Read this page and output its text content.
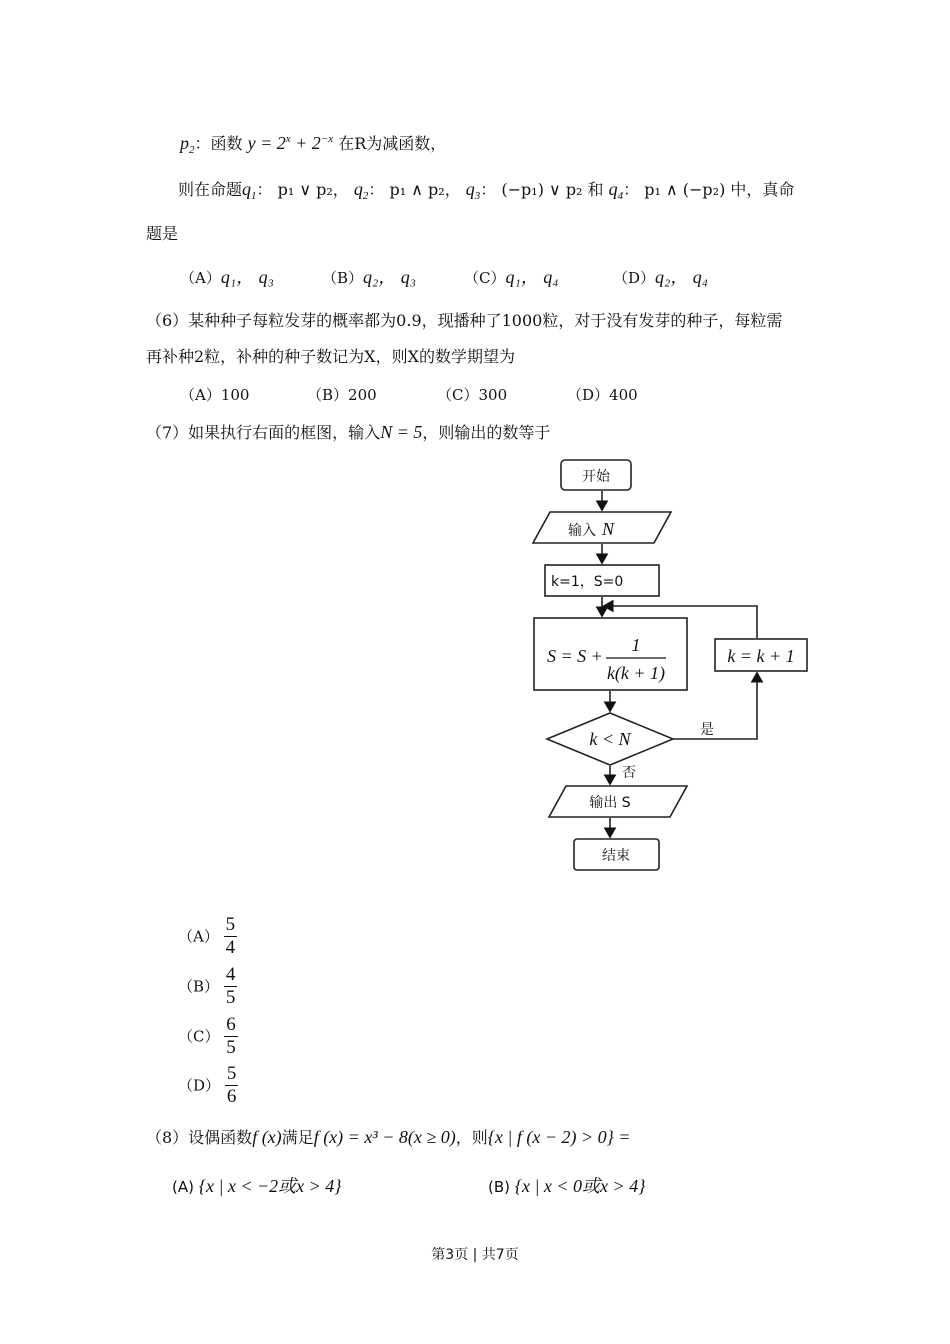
$p_2$：函数 $y = 2^x + 2^{-x}$ 在R为减函数，
则在命题$q_1$： p₁ ∨ p₂， $q_2$： p₁ ∧ p₂， $q_3$： (−p₁) ∨ p₂ 和 $q_4$： p₁ ∧ (−p₂) 中，真命
题是
（A）q₁， q₃	（B）q₂， q₃	（C）q₁， q₄	（D）q₂， q₄
（6）某种种子每粒发芽的概率都为0.9，现播种了1000粒，对于没有发芽的种子，每粒需
再补种2粒，补种的种子数记为X，则X的数学期望为
（A）100	（B）200	（C）300	（D）400
（7）如果执行右面的框图，输入N = 5，则输出的数等于
开始
输入 N
k=1，S=0
S = S +
1
k(k + 1)
k = k + 1
k < N	是
否
输出 S
结束
$(A) \frac{5}{4}$
$(B) \frac{4}{5}$
$(C) \frac{6}{5}$
$(D) \frac{5}{6}$
（8）设偶函数f (x)满足f (x) = x³ − 8(x ≥ 0)，则{x | f (x − 2) > 0} =
(A) {x | x < −2或x > 4}	(B) {x | x < 0或x > 4}
第3页 | 共7页
